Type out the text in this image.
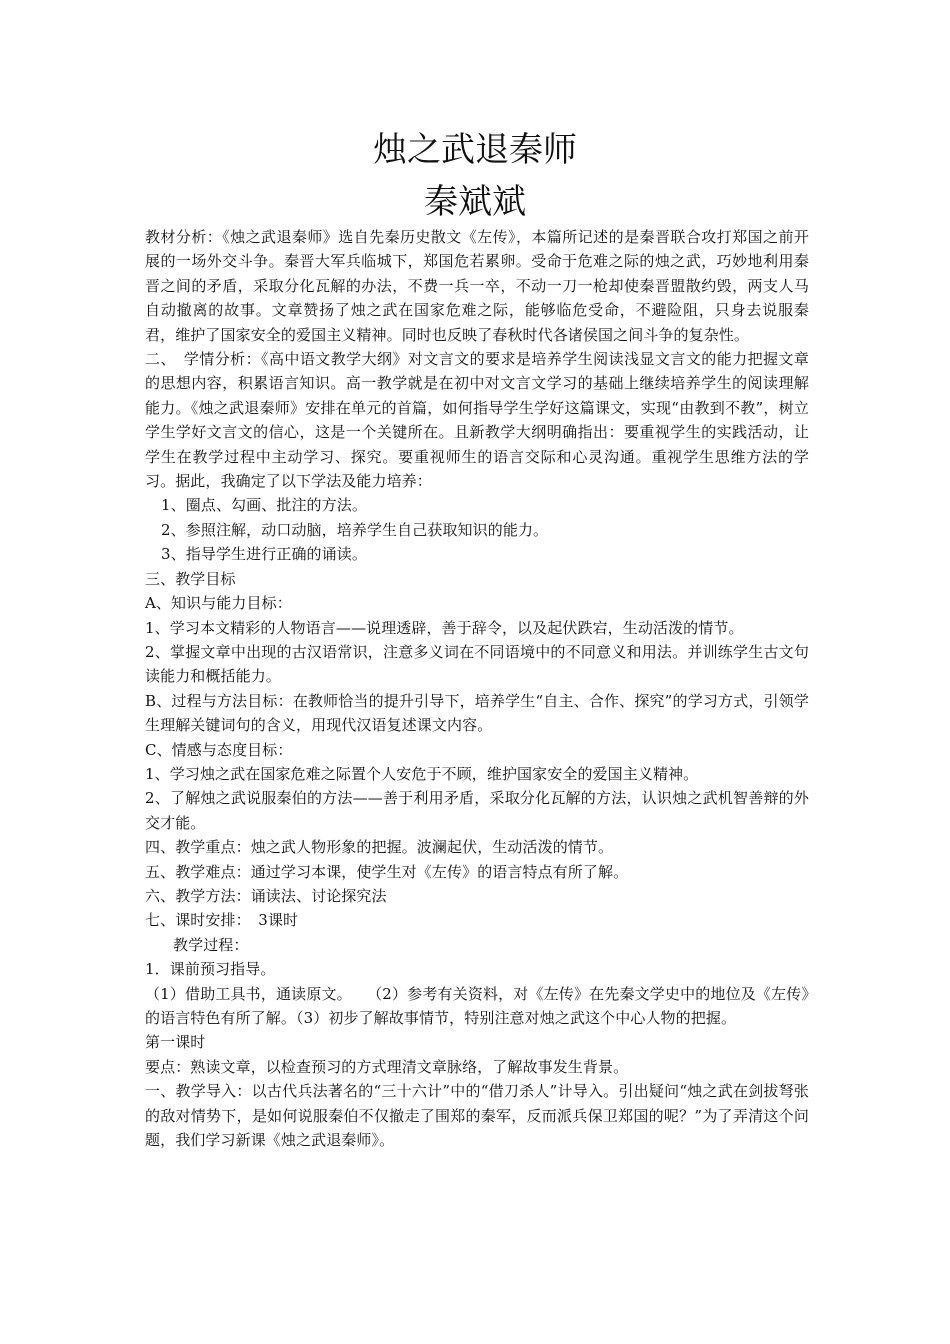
烛之武退秦师
秦斌斌

教材分析：《烛之武退秦师》选自先秦历史散文《左传》，本篇所记述的是秦晋联合攻打郑国之前开展的一场外交斗争。秦晋大军兵临城下，郑国危若累卵。受命于危难之际的烛之武，巧妙地利用秦晋之间的矛盾，采取分化瓦解的办法，不费一兵一卒，不动一刀一枪却使秦晋盟散约毁，两支人马自动撤离的故事。文章赞扬了烛之武在国家危难之际，能够临危受命，不避险阻，只身去说服秦君，维护了国家安全的爱国主义精神。同时也反映了春秋时代各诸侯国之间斗争的复杂性。

二、　学情分析：《高中语文教学大纲》对文言文的要求是培养学生阅读浅显文言文的能力把握文章的思想内容，积累语言知识。高一教学就是在初中对文言文学习的基础上继续培养学生的阅读理解能力。《烛之武退秦师》安排在单元的首篇，如何指导学生学好这篇课文，实现“由教到不教”，树立学生学好文言文的信心，这是一个关键所在。且新教学大纲明确指出：要重视学生的实践活动，让学生在教学过程中主动学习、探究。要重视师生的语言交际和心灵沟通。重视学生思维方法的学习。据此，我确定了以下学法及能力培养：

1、圈点、勾画、批注的方法。

2、参照注解，动口动脑，培养学生自己获取知识的能力。

3、指导学生进行正确的诵读。

三、教学目标

A、知识与能力目标：

1、学习本文精彩的人物语言——说理透辟，善于辞令，以及起伏跌宕，生动活泼的情节。

2、掌握文章中出现的古汉语常识，注意多义词在不同语境中的不同意义和用法。并训练学生古文句读能力和概括能力。

B、过程与方法目标：在教师恰当的提升引导下，培养学生“自主、合作、探究”的学习方式，引领学生理解关键词句的含义，用现代汉语复述课文内容。

C、情感与态度目标：

1、学习烛之武在国家危难之际置个人安危于不顾，维护国家安全的爱国主义精神。

2、了解烛之武说服秦伯的方法——善于利用矛盾，采取分化瓦解的方法，认识烛之武机智善辩的外交才能。

四、教学重点：烛之武人物形象的把握。波澜起伏，生动活泼的情节。

五、教学难点：通过学习本课，使学生对《左传》的语言特点有所了解。

六、教学方法：诵读法、讨论探究法

七、课时安排：　3课时

教学过程：

1．课前预习指导。

（1）借助工具书，通读原文。　　（2）参考有关资料，对《左传》在先秦文学史中的地位及《左传》的语言特色有所了解。（3）初步了解故事情节，特别注意对烛之武这个中心人物的把握。

第一课时

要点：熟读文章，以检查预习的方式理清文章脉络，了解故事发生背景。

一、教学导入：以古代兵法著名的“三十六计”中的“借刀杀人”计导入。引出疑问“烛之武在剑拔弩张的敌对情势下，是如何说服秦伯不仅撤走了围郑的秦军，反而派兵保卫郑国的呢？”为了弄清这个问题，我们学习新课《烛之武退秦师》。
